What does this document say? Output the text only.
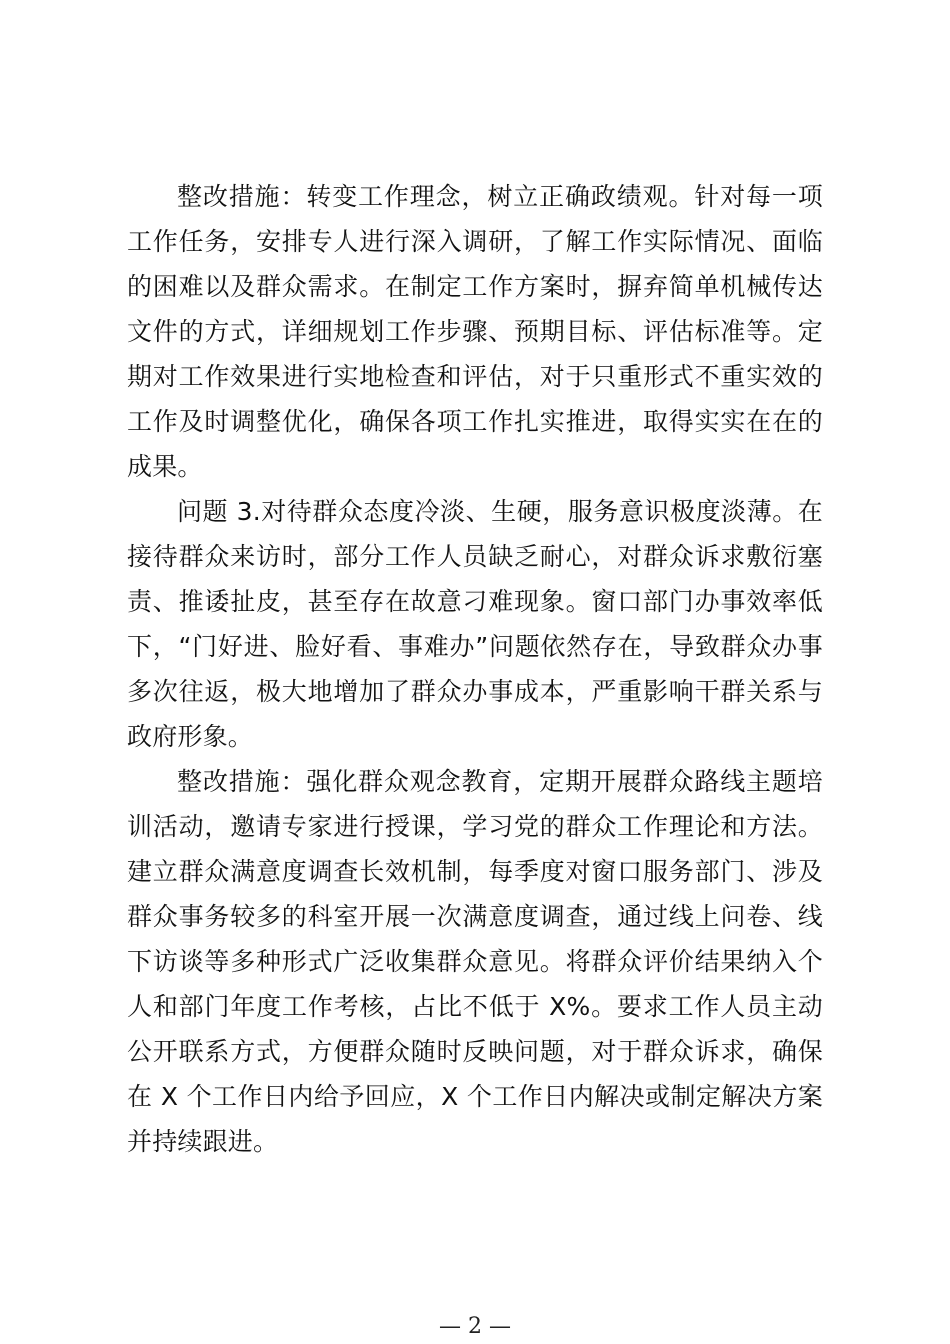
整改措施：转变工作理念，树立正确政绩观。针对每一项工作任务，安排专人进行深入调研，了解工作实际情况、面临的困难以及群众需求。在制定工作方案时，摒弃简单机械传达文件的方式，详细规划工作步骤、预期目标、评估标准等。定期对工作效果进行实地检查和评估，对于只重形式不重实效的工作及时调整优化，确保各项工作扎实推进，取得实实在在的成果。

问题 3.对待群众态度冷淡、生硬，服务意识极度淡薄。在接待群众来访时，部分工作人员缺乏耐心，对群众诉求敷衍塞责、推诿扯皮，甚至存在故意刁难现象。窗口部门办事效率低下，“门好进、脸好看、事难办”问题依然存在，导致群众办事多次往返，极大地增加了群众办事成本，严重影响干群关系与政府形象。

整改措施：强化群众观念教育，定期开展群众路线主题培训活动，邀请专家进行授课，学习党的群众工作理论和方法。建立群众满意度调查长效机制，每季度对窗口服务部门、涉及群众事务较多的科室开展一次满意度调查，通过线上问卷、线下访谈等多种形式广泛收集群众意见。将群众评价结果纳入个人和部门年度工作考核，占比不低于 X%。要求工作人员主动公开联系方式，方便群众随时反映问题，对于群众诉求，确保在 X 个工作日内给予回应，X 个工作日内解决或制定解决方案并持续跟进。

— 2 —
